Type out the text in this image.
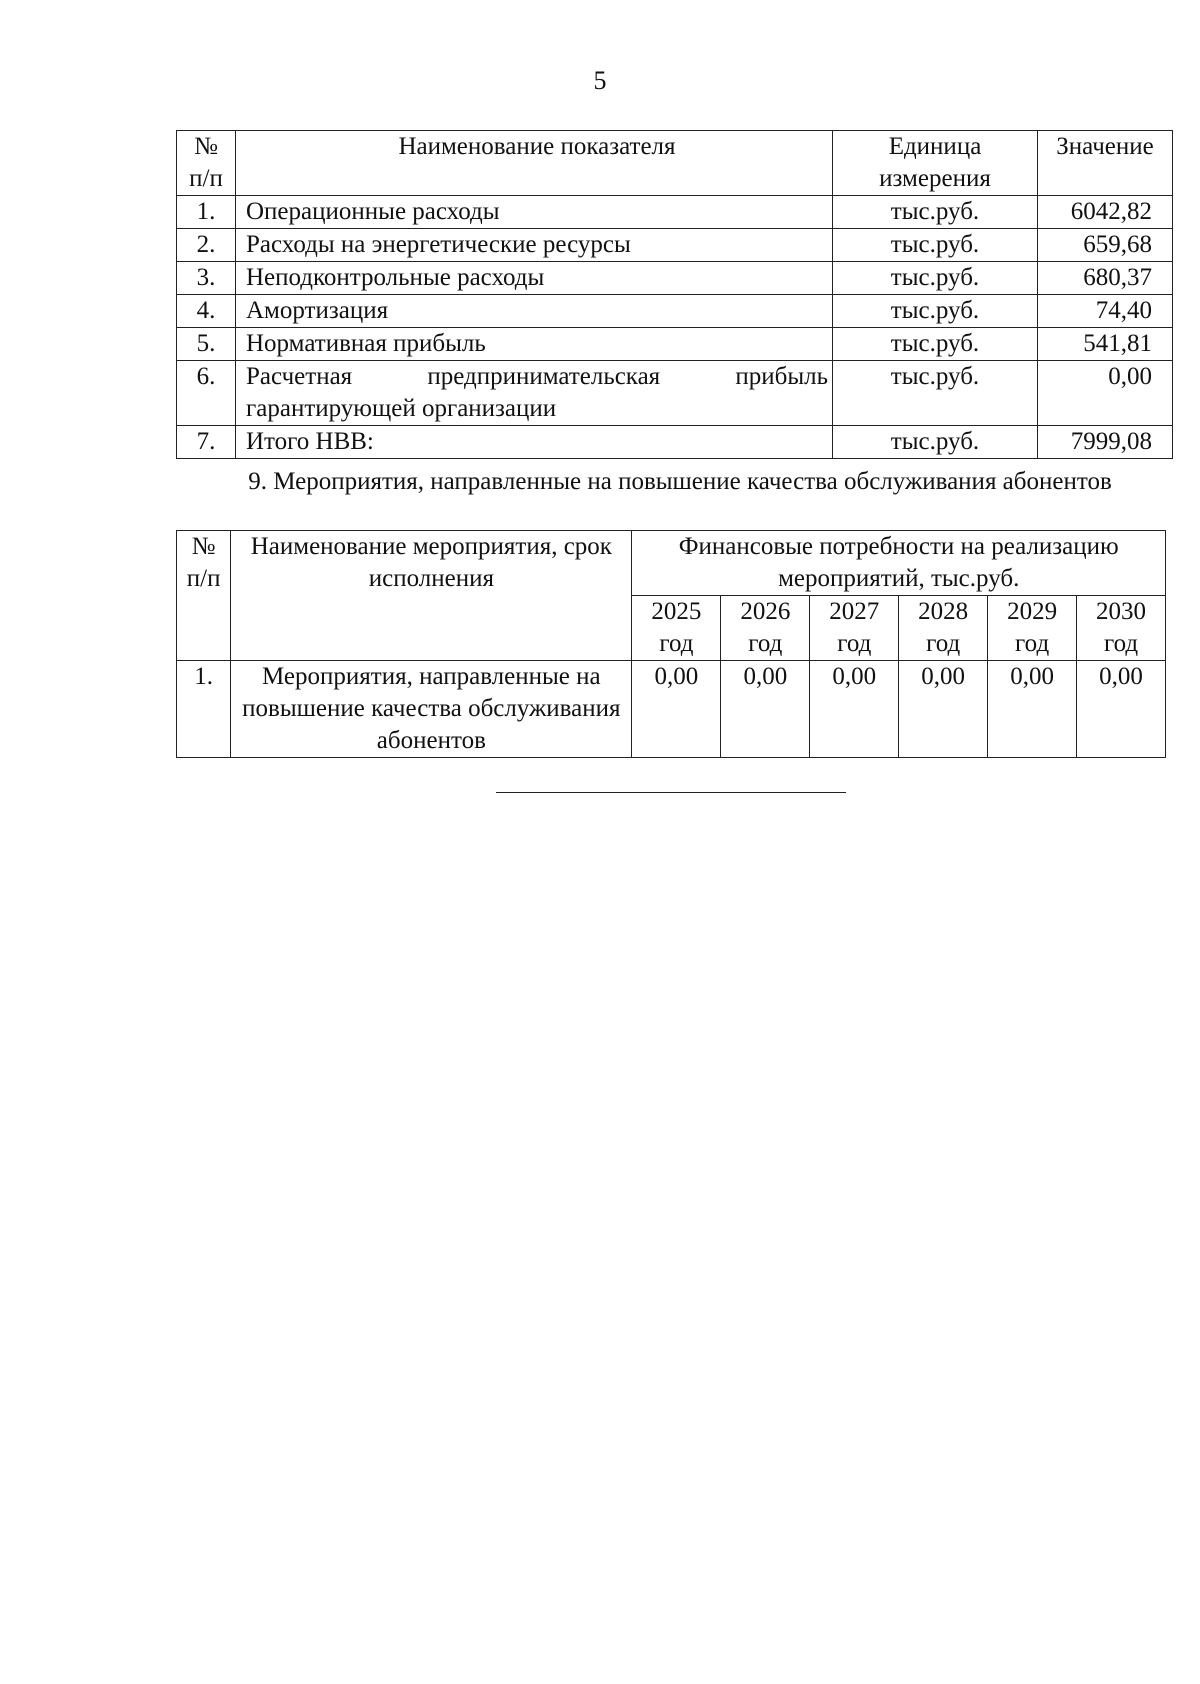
5
№ п/п	Наименование показателя	Единица измерения	Значение
1.	Операционные расходы	тыс.руб.	6042,82
2.	Расходы на энергетические ресурсы	тыс.руб.	659,68
3.	Неподконтрольные расходы	тыс.руб.	680,37
4.	Амортизация	тыс.руб.	74,40
5.	Нормативная прибыль	тыс.руб.	541,81
6.	Расчетная предпринимательская прибыль гарантирующей организации	тыс.руб.	0,00
7.	Итого НВВ:	тыс.руб.	7999,08
9. Мероприятия, направленные на повышение качества обслуживания абонентов
№ п/п	Наименование мероприятия, срок исполнения	Финансовые потребности на реализацию мероприятий, тыс.руб.					
		2025 год	2026 год	2027 год	2028 год	2029 год	2030 год
1.	Мероприятия, направленные на повышение качества обслуживания абонентов	0,00	0,00	0,00	0,00	0,00	0,00
